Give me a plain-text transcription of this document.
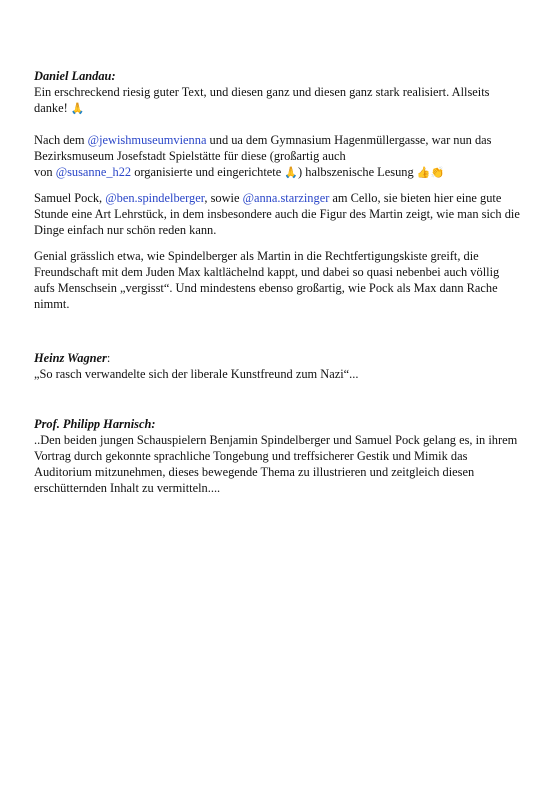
Daniel Landau:
Ein erschreckend riesig guter Text, und diesen ganz und diesen ganz stark realisiert. Allseits danke! 🙏
Nach dem @jewishmuseumvienna und ua dem Gymnasium Hagenmüllergasse, war nun das Bezirksmuseum Josefstadt Spielstätte für diese (großartig auch
von @susanne_h22 organisierte und eingerichtete 🙏) halbszenische Lesung 👍👏
Samuel Pock, @ben.spindelberger, sowie @anna.starzinger am Cello, sie bieten hier eine gute Stunde eine Art Lehrstück, in dem insbesondere auch die Figur des Martin zeigt, wie man sich die Dinge einfach nur schön reden kann.
Genial grässlich etwa, wie Spindelberger als Martin in die Rechtfertigungskiste greift, die Freundschaft mit dem Juden Max kaltlächelnd kappt, und dabei so quasi nebenbei auch völlig aufs Menschsein „vergisst“. Und mindestens ebenso großartig, wie Pock als Max dann Rache nimmt.
Heinz Wagner:
„So rasch verwandelte sich der liberale Kunstfreund zum Nazi“...
Prof. Philipp Harnisch:
..Den beiden jungen Schauspielern Benjamin Spindelberger und Samuel Pock gelang es, in ihrem Vortrag durch gekonnte sprachliche Tongebung und treffsicherer Gestik und Mimik das Auditorium mitzunehmen, dieses bewegende Thema zu illustrieren und zeitgleich diesen erschütternden Inhalt zu vermitteln....
